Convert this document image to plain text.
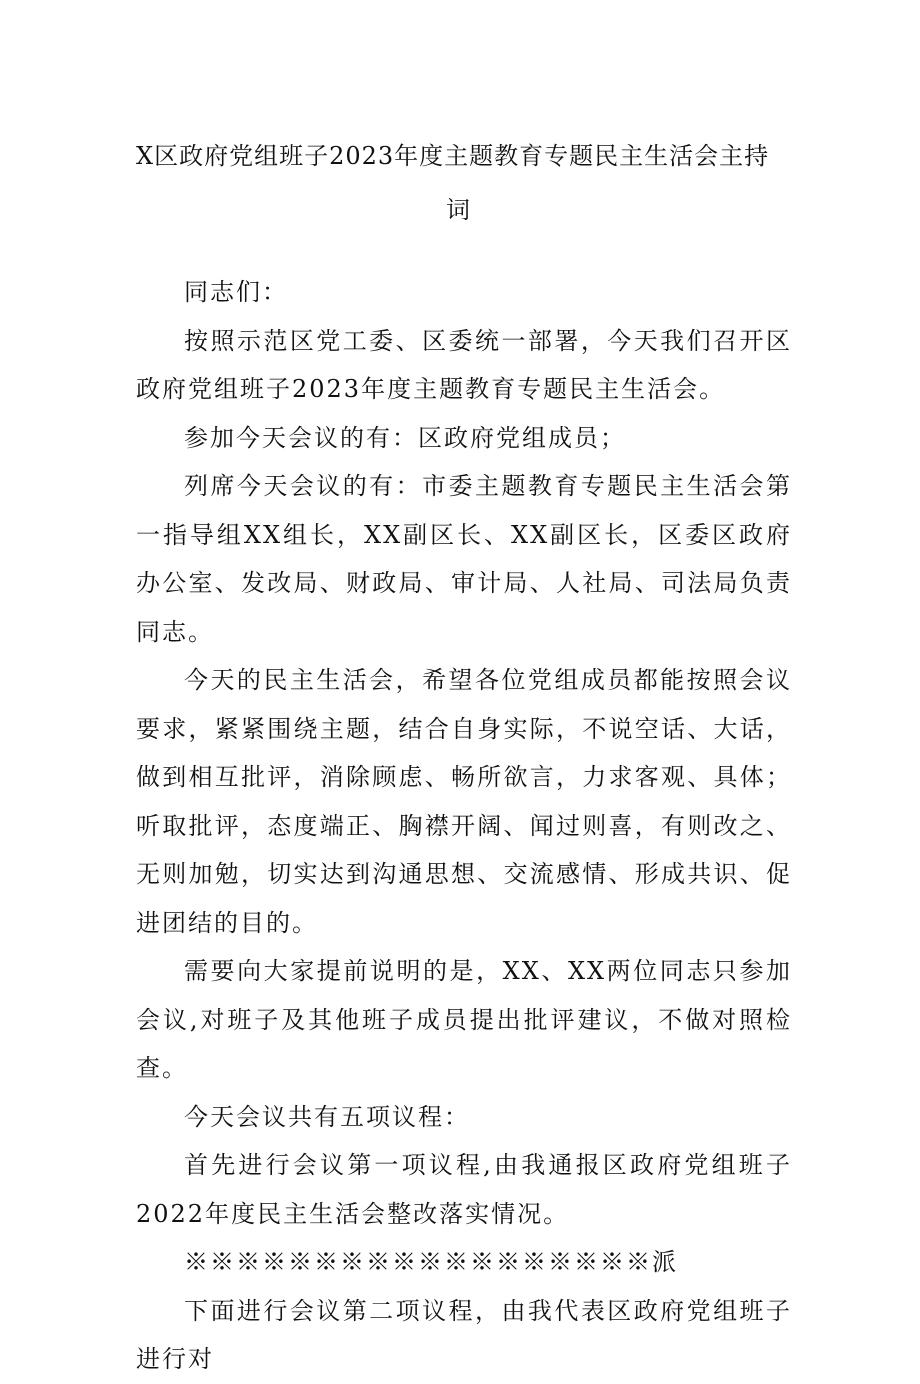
X区政府党组班子2023年度主题教育专题民主生活会主持
词

同志们：

按照示范区党工委、区委统一部署，今天我们召开区政府党组班子2023年度主题教育专题民主生活会。

参加今天会议的有：区政府党组成员；

列席今天会议的有：市委主题教育专题民主生活会第一指导组XX组长，XX副区长、XX副区长，区委区政府办公室、发改局、财政局、审计局、人社局、司法局负责同志。

今天的民主生活会，希望各位党组成员都能按照会议要求，紧紧围绕主题，结合自身实际，不说空话、大话，做到相互批评，消除顾虑、畅所欲言，力求客观、具体；听取批评，态度端正、胸襟开阔、闻过则喜，有则改之、无则加勉，切实达到沟通思想、交流感情、形成共识、促进团结的目的。

需要向大家提前说明的是，XX、XX两位同志只参加会议,对班子及其他班子成员提出批评建议，不做对照检查。

今天会议共有五项议程：

首先进行会议第一项议程,由我通报区政府党组班子2022年度民主生活会整改落实情况。

※※※※※※※※※※※※※※※※※※派

下面进行会议第二项议程，由我代表区政府党组班子进行对
